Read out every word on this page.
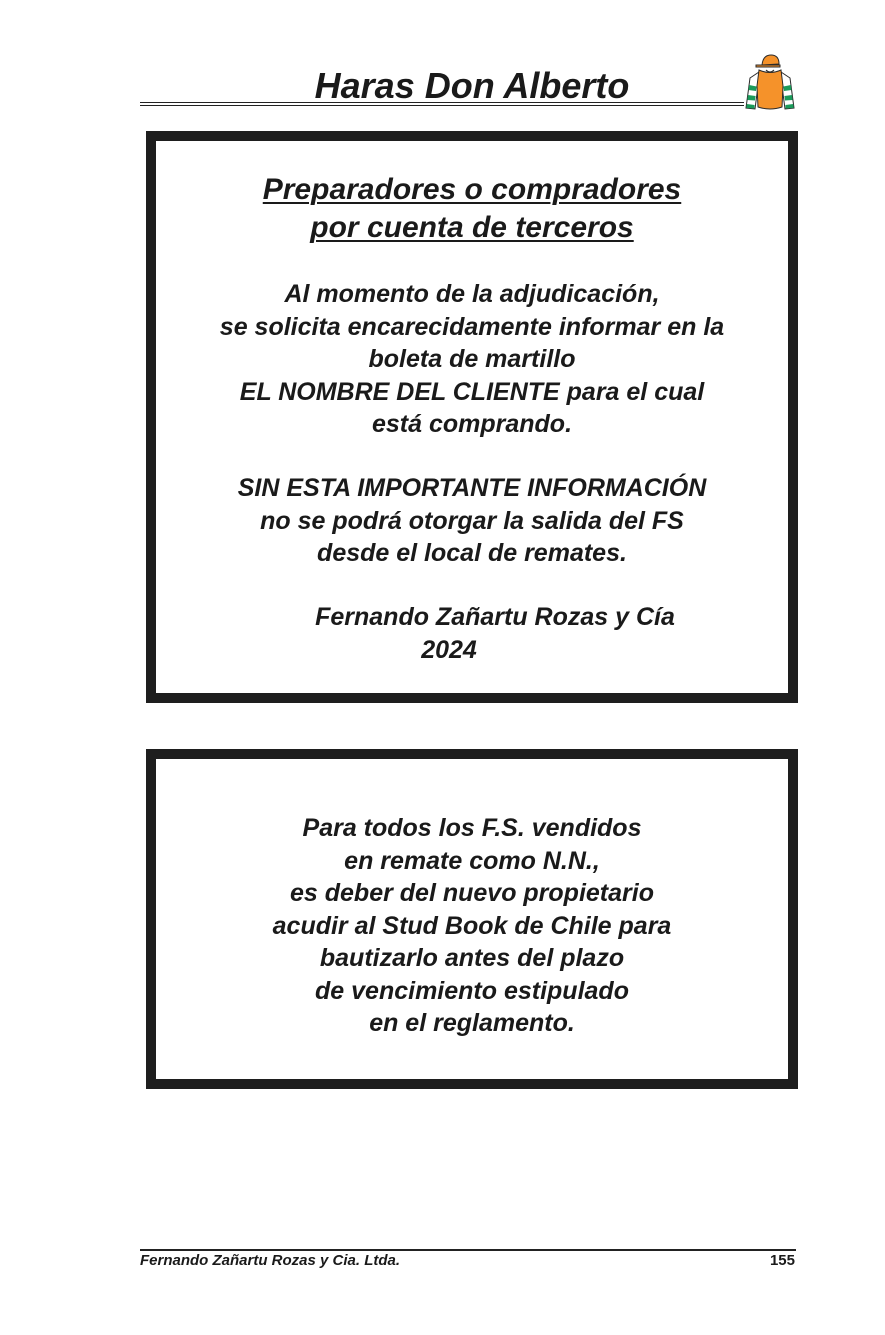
Haras Don Alberto
Preparadores o compradores
por cuenta de terceros
Al momento de la adjudicación,
se solicita encarecidamente informar en la
boleta de martillo
EL NOMBRE DEL CLIENTE para el cual
está comprando.
SIN ESTA IMPORTANTE INFORMACIÓN
no se podrá otorgar la salida del FS
desde el local de remates.
Fernando Zañartu Rozas y Cía
2024
Para todos los F.S. vendidos
en remate como N.N.,
es deber del nuevo propietario
acudir al Stud Book de Chile para
bautizarlo antes del plazo
de vencimiento estipulado
en el reglamento.
Fernando Zañartu Rozas y Cia. Ltda.	155
